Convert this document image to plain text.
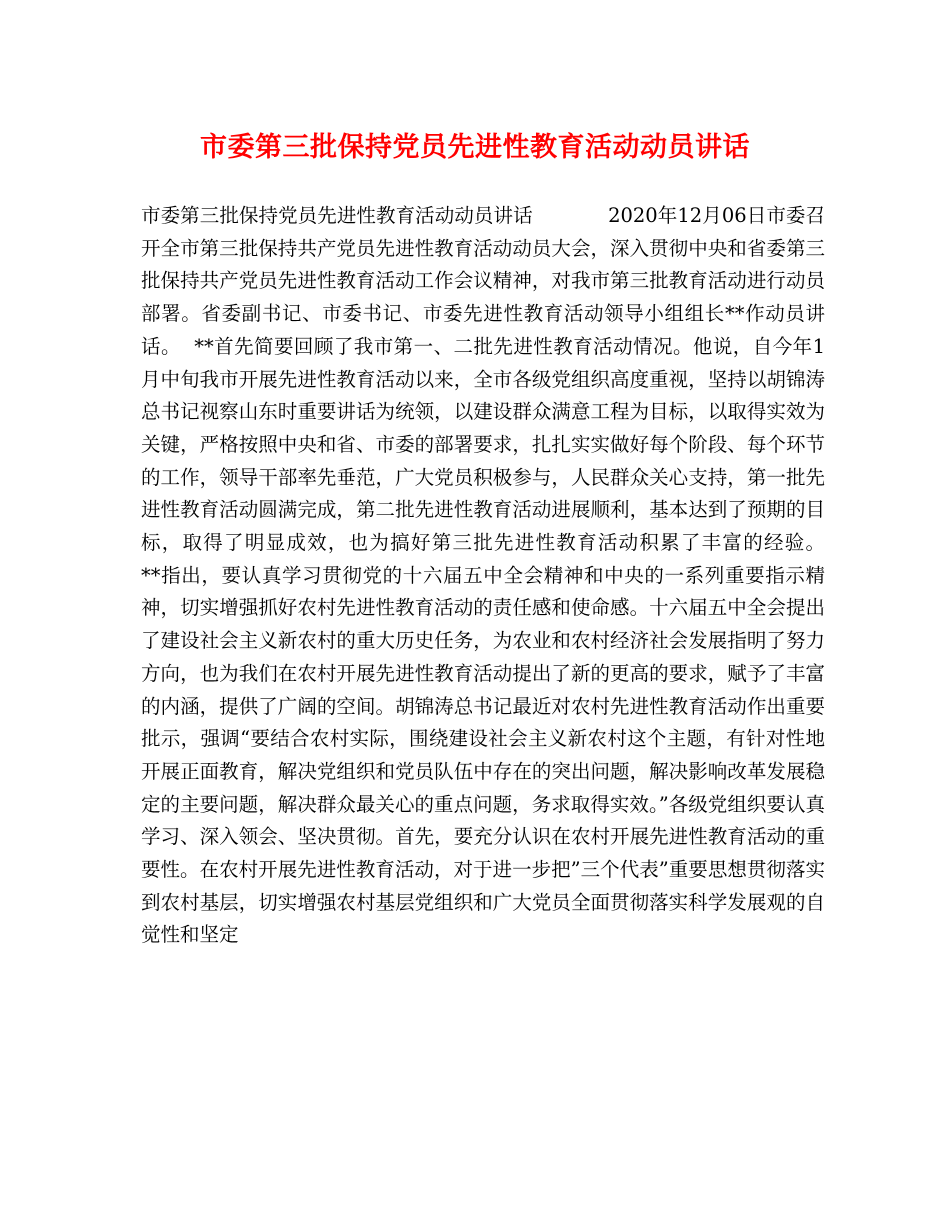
市委第三批保持党员先进性教育活动动员讲话

市委第三批保持党员先进性教育活动动员讲话            2020年12月06日市委召开全市第三批保持共产党员先进性教育活动动员大会，深入贯彻中央和省委第三批保持共产党员先进性教育活动工作会议精神，对我市第三批教育活动进行动员部署。省委副书记、市委书记、市委先进性教育活动领导小组组长**作动员讲话。  **首先简要回顾了我市第一、二批先进性教育活动情况。他说，自今年1月中旬我市开展先进性教育活动以来，全市各级党组织高度重视，坚持以胡锦涛总书记视察山东时重要讲话为统领，以建设群众满意工程为目标，以取得实效为关键，严格按照中央和省、市委的部署要求，扎扎实实做好每个阶段、每个环节的工作，领导干部率先垂范，广大党员积极参与，人民群众关心支持，第一批先进性教育活动圆满完成，第二批先进性教育活动进展顺利，基本达到了预期的目标，取得了明显成效，也为搞好第三批先进性教育活动积累了丰富的经验。        **指出，要认真学习贯彻党的十六届五中全会精神和中央的一系列重要指示精神，切实增强抓好农村先进性教育活动的责任感和使命感。十六届五中全会提出了建设社会主义新农村的重大历史任务，为农业和农村经济社会发展指明了努力方向，也为我们在农村开展先进性教育活动提出了新的更高的要求，赋予了丰富的内涵，提供了广阔的空间。胡锦涛总书记最近对农村先进性教育活动作出重要批示，强调“要结合农村实际，围绕建设社会主义新农村这个主题，有针对性地开展正面教育，解决党组织和党员队伍中存在的突出问题，解决影响改革发展稳定的主要问题，解决群众最关心的重点问题，务求取得实效。”各级党组织要认真学习、深入领会、坚决贯彻。首先，要充分认识在农村开展先进性教育活动的重要性。在农村开展先进性教育活动，对于进一步把”三个代表”重要思想贯彻落实到农村基层，切实增强农村基层党组织和广大党员全面贯彻落实科学发展观的自觉性和坚定
